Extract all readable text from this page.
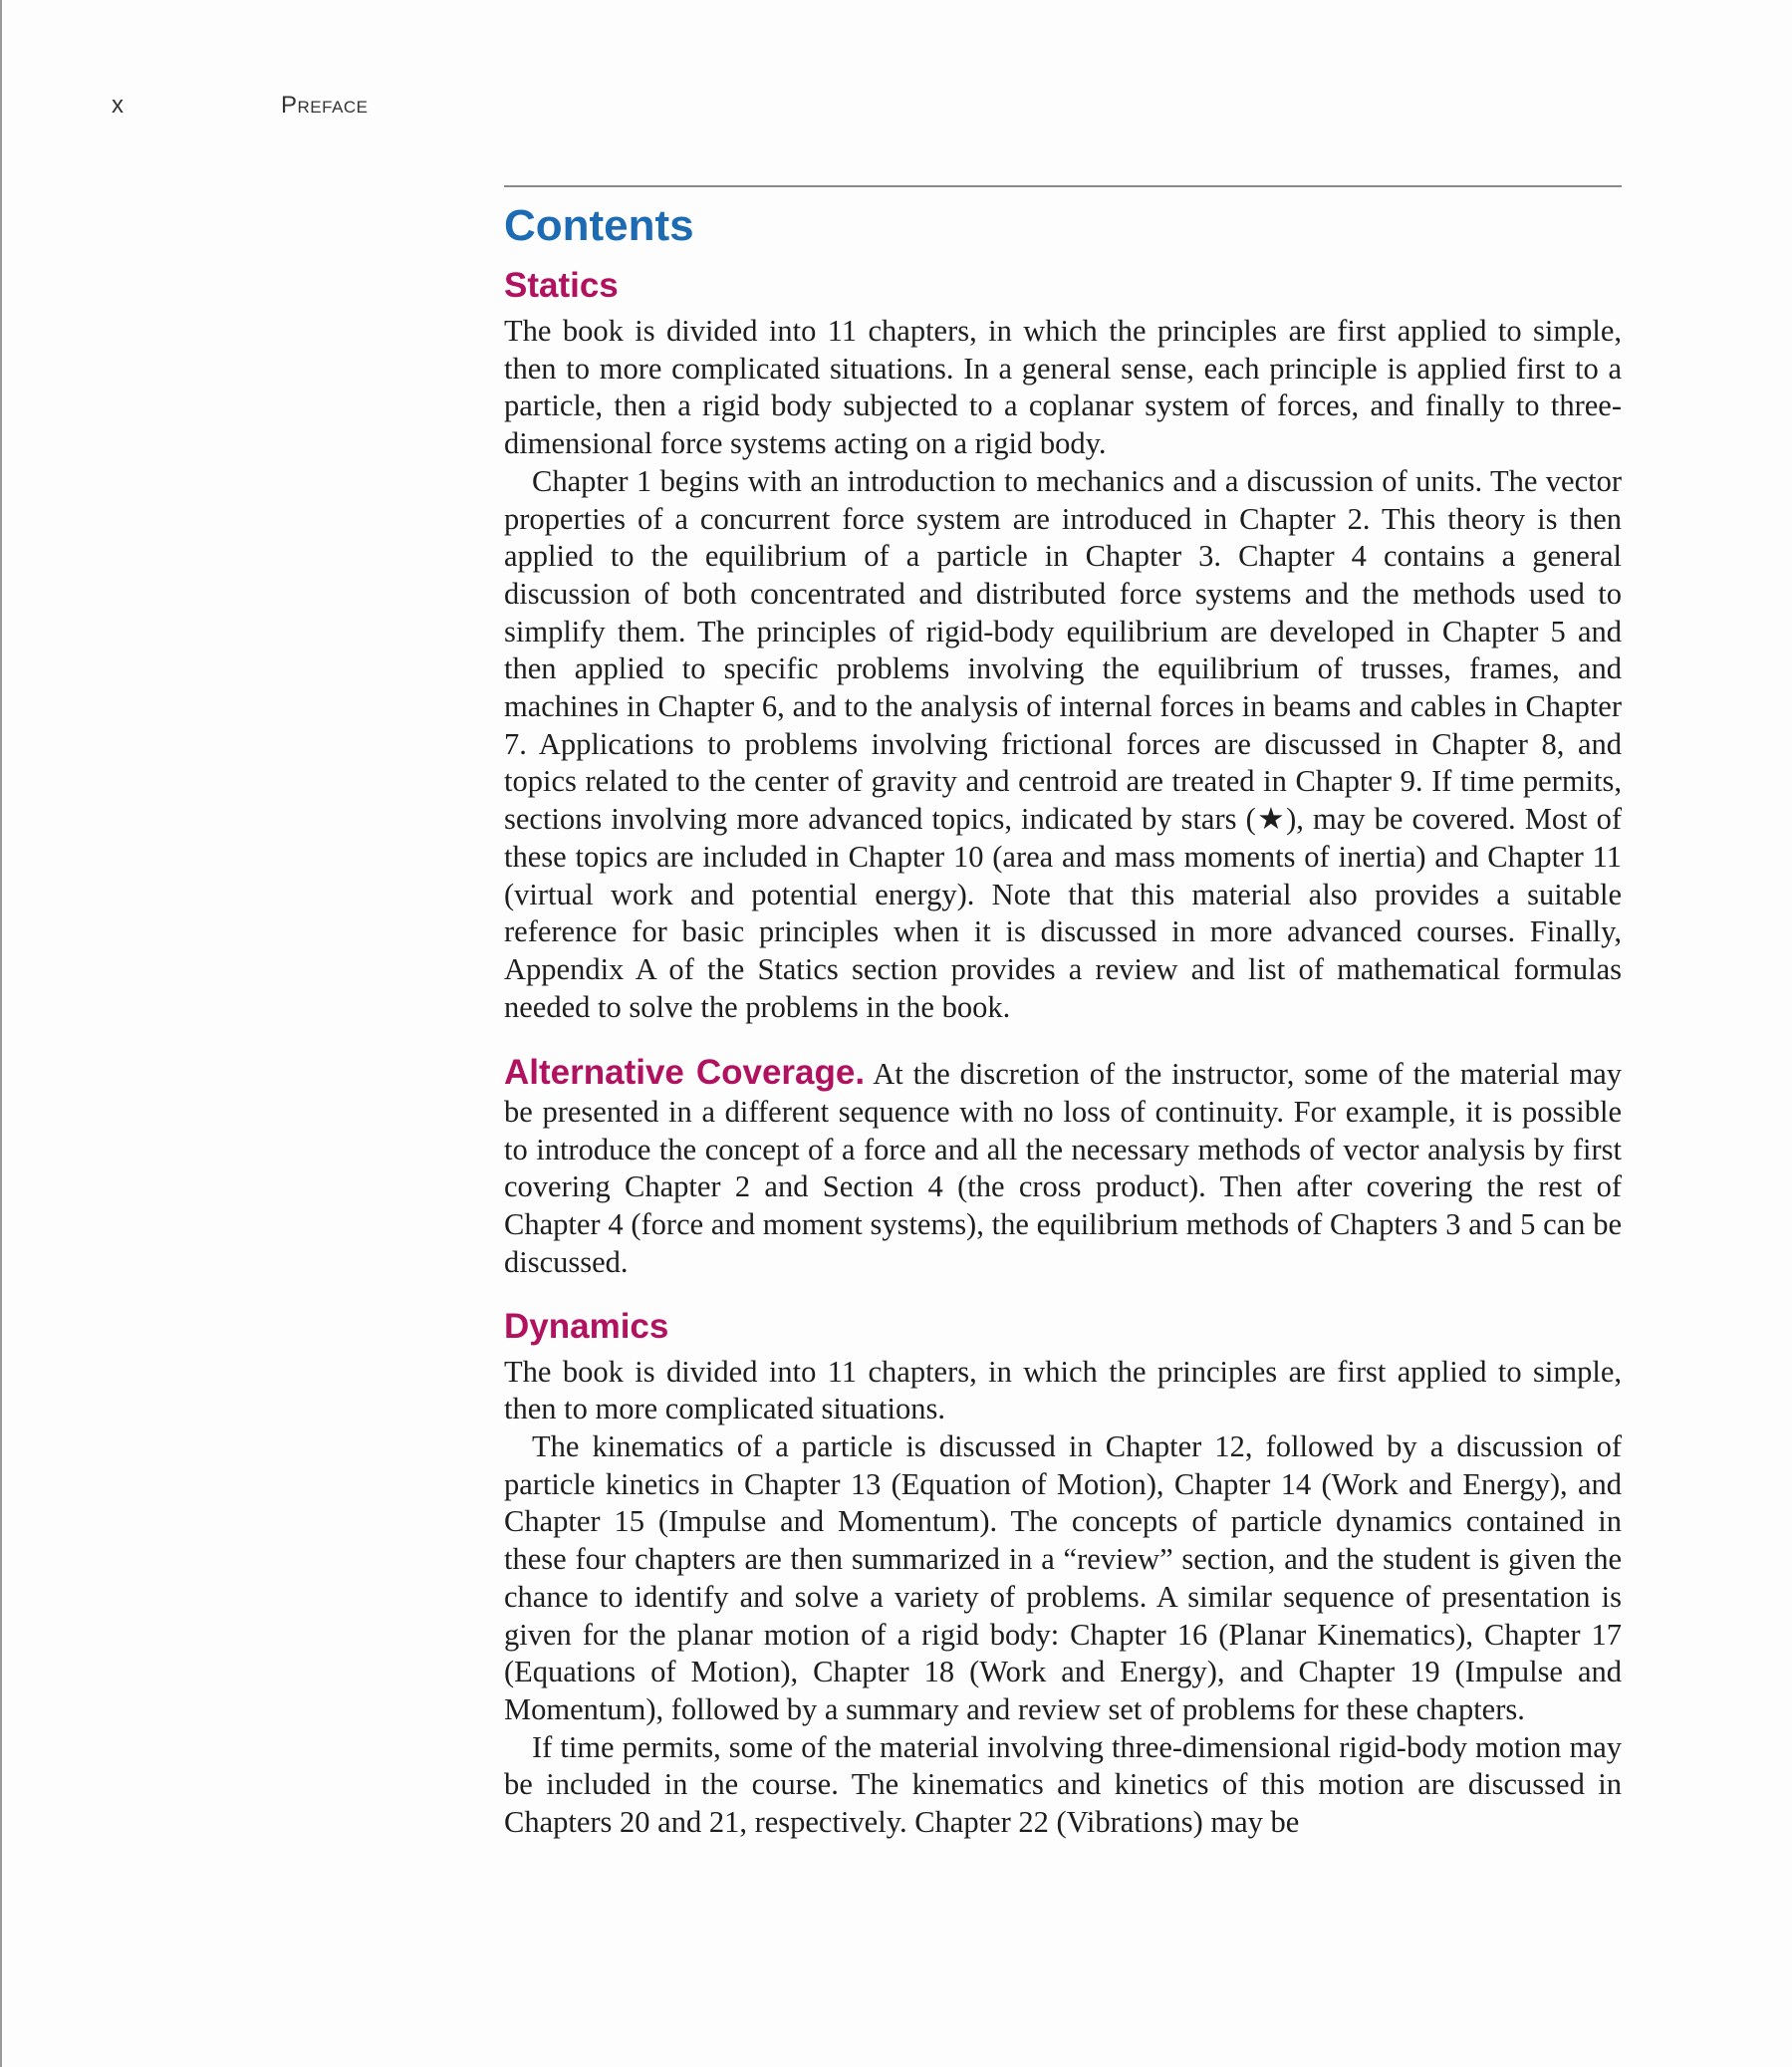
x	Preface
Contents
Statics

The book is divided into 11 chapters, in which the principles are first applied to simple, then to more complicated situations. In a general sense, each principle is applied first to a particle, then a rigid body subjected to a coplanar system of forces, and finally to three-dimensional force systems acting on a rigid body.

Chapter 1 begins with an introduction to mechanics and a discussion of units. The vector properties of a concurrent force system are introduced in Chapter 2. This theory is then applied to the equilibrium of a particle in Chapter 3. Chapter 4 contains a general discussion of both concentrated and distributed force systems and the methods used to simplify them. The principles of rigid-body equilibrium are developed in Chapter 5 and then applied to specific problems involving the equilibrium of trusses, frames, and machines in Chapter 6, and to the analysis of internal forces in beams and cables in Chapter 7. Applications to problems involving frictional forces are discussed in Chapter 8, and topics related to the center of gravity and centroid are treated in Chapter 9. If time permits, sections involving more advanced topics, indicated by stars (★), may be covered. Most of these topics are included in Chapter 10 (area and mass moments of inertia) and Chapter 11 (virtual work and potential energy). Note that this material also provides a suitable reference for basic principles when it is discussed in more advanced courses. Finally, Appendix A of the Statics section provides a review and list of mathematical formulas needed to solve the problems in the book.

Alternative Coverage. At the discretion of the instructor, some of the material may be presented in a different sequence with no loss of continuity. For example, it is possible to introduce the concept of a force and all the necessary methods of vector analysis by first covering Chapter 2 and Section 4 (the cross product). Then after covering the rest of Chapter 4 (force and moment systems), the equilibrium methods of Chapters 3 and 5 can be discussed.

Dynamics

The book is divided into 11 chapters, in which the principles are first applied to simple, then to more complicated situations.

The kinematics of a particle is discussed in Chapter 12, followed by a discussion of particle kinetics in Chapter 13 (Equation of Motion), Chapter 14 (Work and Energy), and Chapter 15 (Impulse and Momentum). The concepts of particle dynamics contained in these four chapters are then summarized in a “review” section, and the student is given the chance to identify and solve a variety of problems. A similar sequence of presentation is given for the planar motion of a rigid body: Chapter 16 (Planar Kinematics), Chapter 17 (Equations of Motion), Chapter 18 (Work and Energy), and Chapter 19 (Impulse and Momentum), followed by a summary and review set of problems for these chapters.

If time permits, some of the material involving three-dimensional rigid-body motion may be included in the course. The kinematics and kinetics of this motion are discussed in Chapters 20 and 21, respectively. Chapter 22 (Vibrations) may be
